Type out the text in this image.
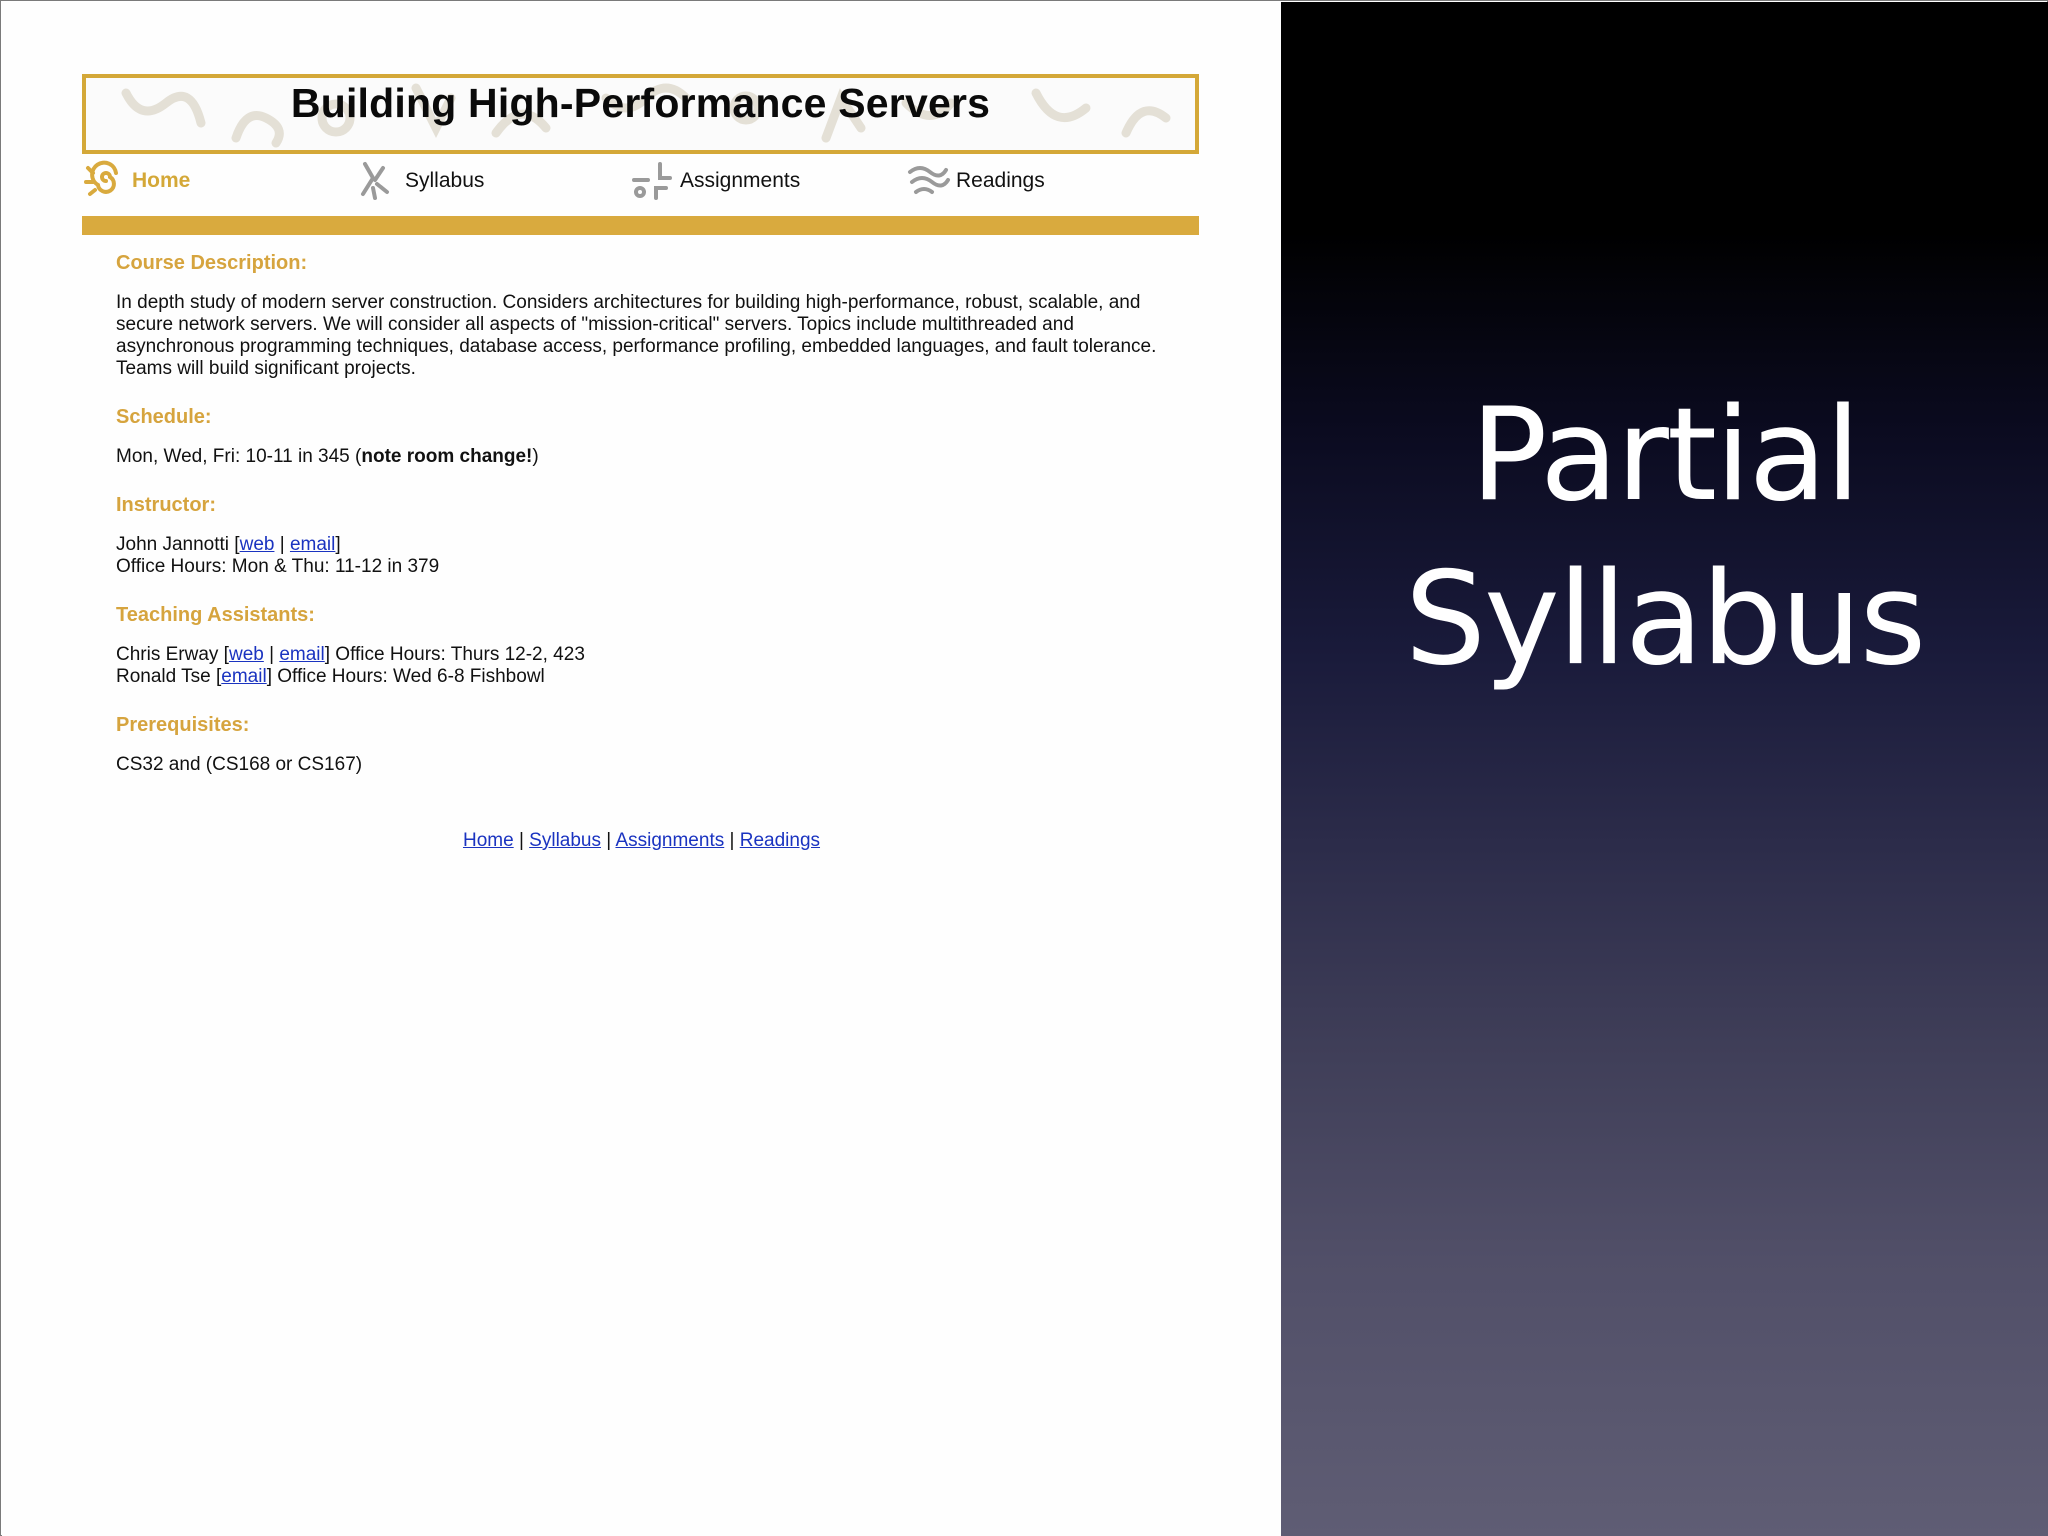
Building High-Performance Servers
Home	Syllabus	Assignments	Readings
Course Description:
In depth study of modern server construction. Considers architectures for building high-performance, robust, scalable, and secure network servers. We will consider all aspects of "mission-critical" servers. Topics include multithreaded and asynchronous programming techniques, database access, performance profiling, embedded languages, and fault tolerance. Teams will build significant projects.
Schedule:
Mon, Wed, Fri: 10-11 in 345 (note room change!)
Instructor:
John Jannotti [web | email]
Office Hours: Mon & Thu: 11-12 in 379
Teaching Assistants:
Chris Erway [web | email] Office Hours: Thurs 12-2, 423
Ronald Tse [email] Office Hours: Wed 6-8 Fishbowl
Prerequisites:
CS32 and (CS168 or CS167)
Home | Syllabus | Assignments | Readings
Partial
Syllabus
